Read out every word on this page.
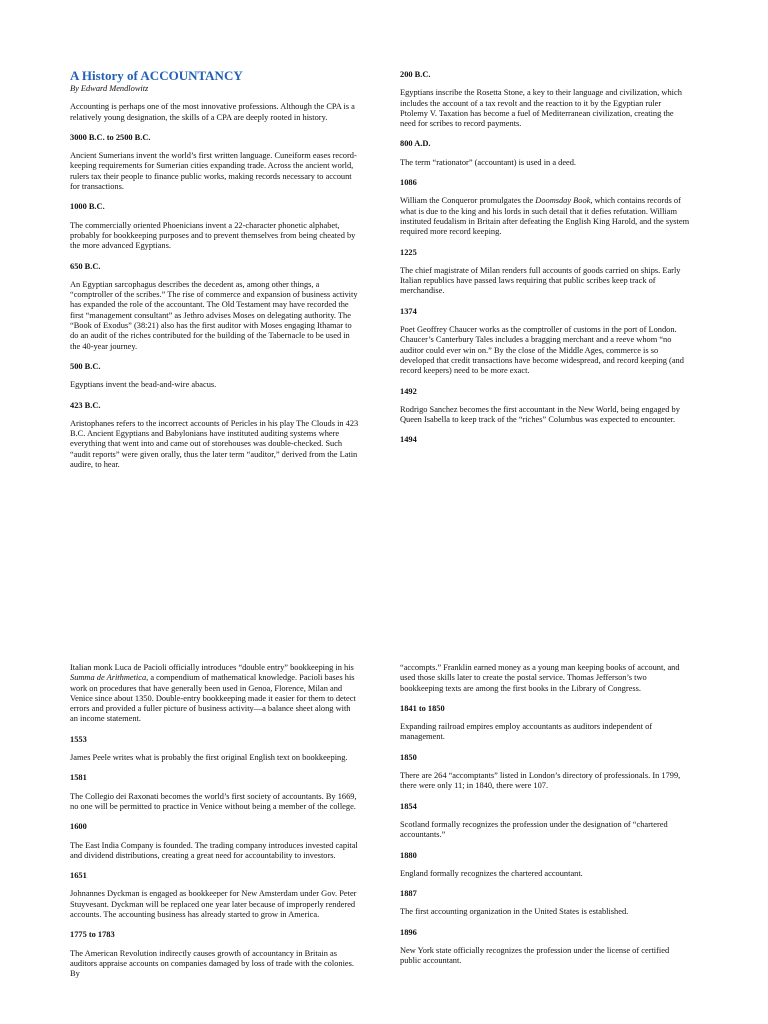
A History of ACCOUNTANCY
By Edward Mendlowitz

Accounting is perhaps one of the most innovative professions. Although the CPA is a relatively young designation, the skills of a CPA are deeply rooted in history.

3000 B.C. to 2500 B.C.

Ancient Sumerians invent the world’s first written language. Cuneiform eases record-keeping requirements for Sumerian cities expanding trade. Across the ancient world, rulers tax their people to finance public works, making records necessary to account for transactions.

1000 B.C.

The commercially oriented Phoenicians invent a 22-character phonetic alphabet, probably for bookkeeping purposes and to prevent themselves from being cheated by the more advanced Egyptians.

650 B.C.

An Egyptian sarcophagus describes the decedent as, among other things, a “comptroller of the scribes.” The rise of commerce and expansion of business activity has expanded the role of the accountant. The Old Testament may have recorded the first “management consultant” as Jethro advises Moses on delegating authority. The “Book of Exodus” (38:21) also has the first auditor with Moses engaging Ithamar to do an audit of the riches contributed for the building of the Tabernacle to be used in the 40-year journey.

500 B.C.

Egyptians invent the bead-and-wire abacus.

423 B.C.

Aristophanes refers to the incorrect accounts of Pericles in his play The Clouds in 423 B.C. Ancient Egyptians and Babylonians have instituted auditing systems where everything that went into and came out of storehouses was double-checked. Such “audit reports” were given orally, thus the later term “auditor,” derived from the Latin audire, to hear.

200 B.C.

Egyptians inscribe the Rosetta Stone, a key to their language and civilization, which includes the account of a tax revolt and the reaction to it by the Egyptian ruler Ptolemy V. Taxation has become a fuel of Mediterranean civilization, creating the need for scribes to record payments.

800 A.D.

The term “rationator” (accountant) is used in a deed.

1086

William the Conqueror promulgates the Doomsday Book, which contains records of what is due to the king and his lords in such detail that it defies refutation. William instituted feudalism in Britain after defeating the English King Harold, and the system required more record keeping.

1225

The chief magistrate of Milan renders full accounts of goods carried on ships. Early Italian republics have passed laws requiring that public scribes keep track of merchandise.

1374

Poet Geoffrey Chaucer works as the comptroller of customs in the port of London. Chaucer’s Canterbury Tales includes a bragging merchant and a reeve whom “no auditor could ever win on.” By the close of the Middle Ages, commerce is so developed that credit transactions have become widespread, and record keeping (and record keepers) need to be more exact.

1492

Rodrigo Sanchez becomes the first accountant in the New World, being engaged by Queen Isabella to keep track of the “riches” Columbus was expected to encounter.

1494

Italian monk Luca de Pacioli officially introduces “double entry” bookkeeping in his Summa de Arithmetica, a compendium of mathematical knowledge. Pacioli bases his work on procedures that have generally been used in Genoa, Florence, Milan and Venice since about 1350. Double-entry bookkeeping made it easier for them to detect errors and provided a fuller picture of business activity—a balance sheet along with an income statement.

1553

James Peele writes what is probably the first original English text on bookkeeping.

1581

The Collegio dei Raxonati becomes the world’s first society of accountants. By 1669, no one will be permitted to practice in Venice without being a member of the college.

1600

The East India Company is founded. The trading company introduces invested capital and dividend distributions, creating a great need for accountability to investors.

1651

Johnannes Dyckman is engaged as bookkeeper for New Amsterdam under Gov. Peter Stuyvesant. Dyckman will be replaced one year later because of improperly rendered accounts. The accounting business has already started to grow in America.

1775 to 1783

The American Revolution indirectly causes growth of accountancy in Britain as auditors appraise accounts on companies damaged by loss of trade with the colonies. By

“accompts.” Franklin earned money as a young man keeping books of account, and used those skills later to create the postal service. Thomas Jefferson’s two bookkeeping texts are among the first books in the Library of Congress.

1841 to 1850

Expanding railroad empires employ accountants as auditors independent of management.

1850

There are 264 “accomptants” listed in London’s directory of professionals. In 1799, there were only 11; in 1840, there were 107.

1854

Scotland formally recognizes the profession under the designation of “chartered accountants.”

1880

England formally recognizes the chartered accountant.

1887

The first accounting organization in the United States is established.

1896

New York state officially recognizes the profession under the license of certified public accountant.
